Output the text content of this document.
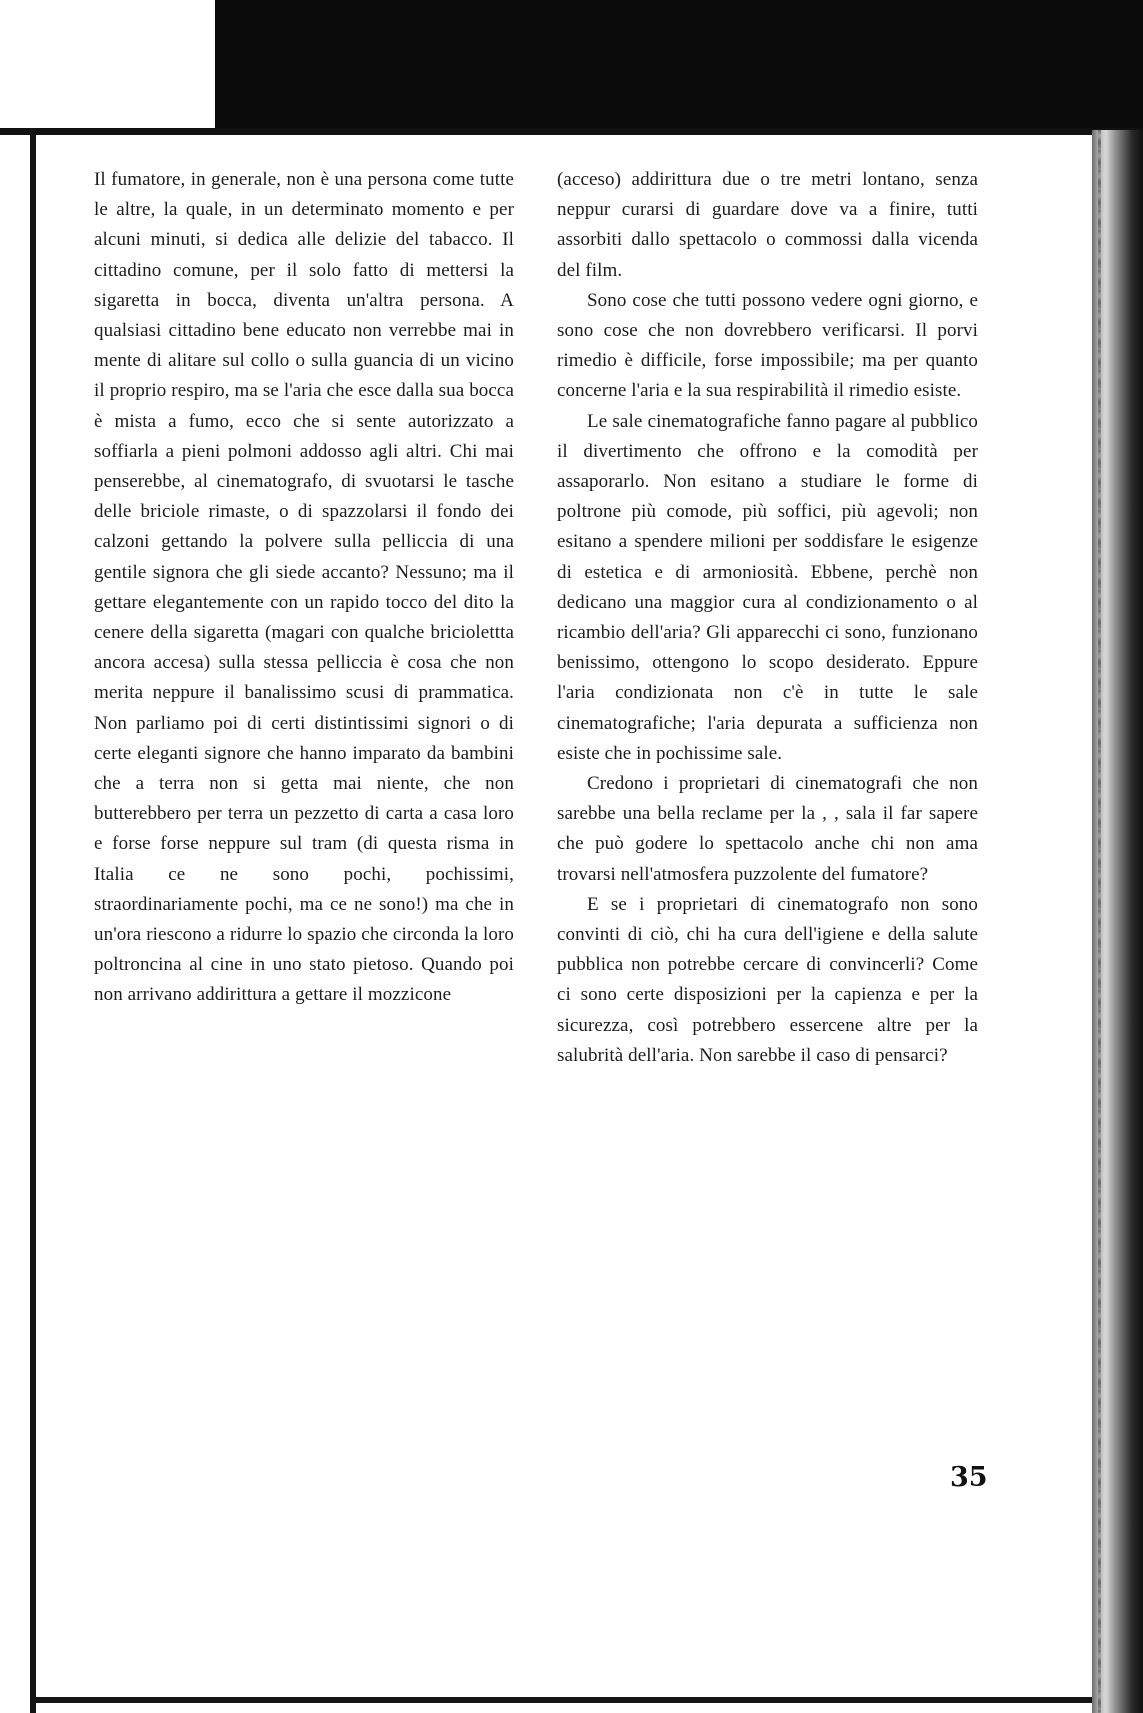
Il fumatore, in generale, non è una persona come tutte le altre, la quale, in un determinato momento e per alcuni minuti, si dedica alle delizie del tabacco. Il cittadino comune, per il solo fatto di mettersi la sigaretta in bocca, diventa un'altra persona. A qualsiasi cittadino bene educato non verrebbe mai in mente di alitare sul collo o sulla guancia di un vicino il proprio respiro, ma se l'aria che esce dalla sua bocca è mista a fumo, ecco che si sente autorizzato a soffiarla a pieni polmoni addosso agli altri. Chi mai penserebbe, al cinematografo, di svuotarsi le tasche delle briciole rimaste, o di spazzolarsi il fondo dei calzoni gettando la polvere sulla pelliccia di una gentile signora che gli siede accanto? Nessuno; ma il gettare elegantemente con un rapido tocco del dito la cenere della sigaretta (magari con qualche briciolettta ancora accesa) sulla stessa pelliccia è cosa che non merita neppure il banalissimo scusi di prammatica. Non parliamo poi di certi distintissimi signori o di certe eleganti signore che hanno imparato da bambini che a terra non si getta mai niente, che non butterebbero per terra un pezzetto di carta a casa loro e forse forse neppure sul tram (di questa risma in Italia ce ne sono pochi, pochissimi, straordinariamente pochi, ma ce ne sono!) ma che in un'ora riescono a ridurre lo spazio che circonda la loro poltroncina al cine in uno stato pietoso. Quando poi non arrivano addirittura a gettare il mozzicone

(acceso) addirittura due o tre metri lontano, senza neppur curarsi di guardare dove va a finire, tutti assorbiti dallo spettacolo o commossi dalla vicenda del film.

Sono cose che tutti possono vedere ogni giorno, e sono cose che non dovrebbero verificarsi. Il porvi rimedio è difficile, forse impossibile; ma per quanto concerne l'aria e la sua respirabilità il rimedio esiste.

Le sale cinematografiche fanno pagare al pubblico il divertimento che offrono e la comodità per assaporarlo. Non esitano a studiare le forme di poltrone più comode, più soffici, più agevoli; non esitano a spendere milioni per soddisfare le esigenze di estetica e di armoniosità. Ebbene, perchè non dedicano una maggior cura al condizionamento o al ricambio dell'aria? Gli apparecchi ci sono, funzionano benissimo, ottengono lo scopo desiderato. Eppure l'aria condizionata non c'è in tutte le sale cinematografiche; l'aria depurata a sufficienza non esiste che in pochissime sale.

Credono i proprietari di cinematografi che non sarebbe una bella reclame per la , , sala il far sapere che può godere lo spettacolo anche chi non ama trovarsi nell'atmosfera puzzolente del fumatore?

E se i proprietari di cinematografo non sono convinti di ciò, chi ha cura dell'igiene e della salute pubblica non potrebbe cercare di convincerli? Come ci sono certe disposizioni per la capienza e per la sicurezza, così potrebbero essercene altre per la salubrità dell'aria. Non sarebbe il caso di pensarci?

35
